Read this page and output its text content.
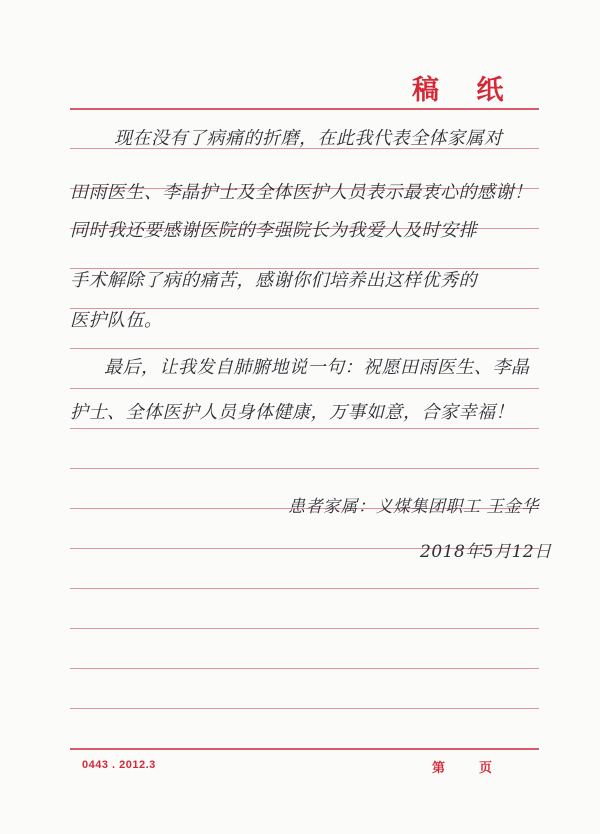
稿 纸
现在没有了病痛的折磨，在此我代表全体家属对
田雨医生、李晶护士及全体医护人员表示最衷心的感谢！
同时我还要感谢医院的李强院长为我爱人及时安排
手术解除了病的痛苦，感谢你们培养出这样优秀的
医护队伍。
最后，让我发自肺腑地说一句：祝愿田雨医生、李晶
护士、全体医护人员身体健康，万事如意，合家幸福！
患者家属：义煤集团职工 王金华
2018年5月12日
0443 . 2012.3	第	页
